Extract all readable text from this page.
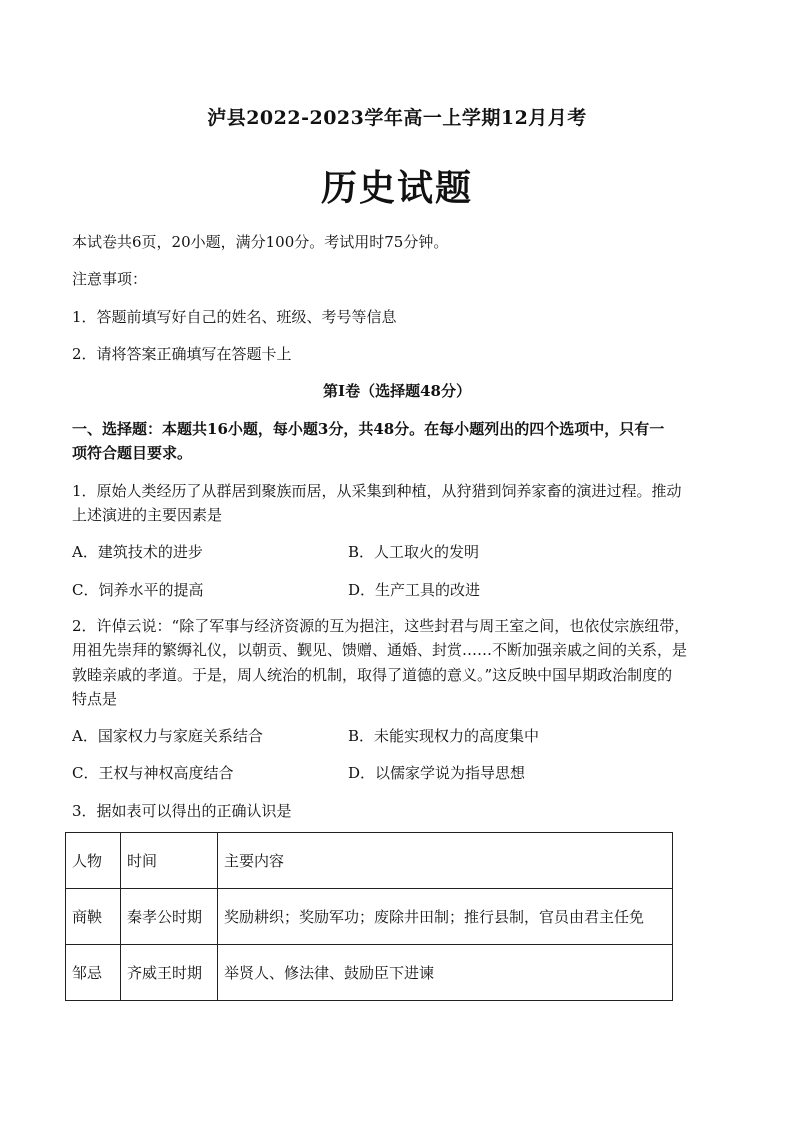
泸县2022-2023学年高一上学期12月月考
历史试题
本试卷共6页，20小题，满分100分。考试用时75分钟。
注意事项：
1．答题前填写好自己的姓名、班级、考号等信息
2．请将答案正确填写在答题卡上
第I卷（选择题48分）
一、选择题：本题共16小题，每小题3分，共48分。在每小题列出的四个选项中，只有一
项符合题目要求。
1．原始人类经历了从群居到聚族而居，从采集到种植，从狩猎到饲养家畜的演进过程。推动
上述演进的主要因素是
A．建筑技术的进步	B．人工取火的发明
C．饲养水平的提高	D．生产工具的改进
2．许倬云说：“除了军事与经济资源的互为挹注，这些封君与周王室之间，也依仗宗族纽带，
用祖先崇拜的繁缛礼仪，以朝贡、觐见、馈赠、通婚、封赏……不断加强亲戚之间的关系，是
敦睦亲戚的孝道。于是，周人统治的机制，取得了道德的意义。”这反映中国早期政治制度的
特点是
A．国家权力与家庭关系结合	B．未能实现权力的高度集中
C．王权与神权高度结合	D．以儒家学说为指导思想
3．据如表可以得出的正确认识是
人物	时间	主要内容
商鞅	秦孝公时期	奖励耕织；奖励军功；废除井田制；推行县制，官员由君主任免
邹忌	齐威王时期	举贤人、修法律、鼓励臣下进谏
